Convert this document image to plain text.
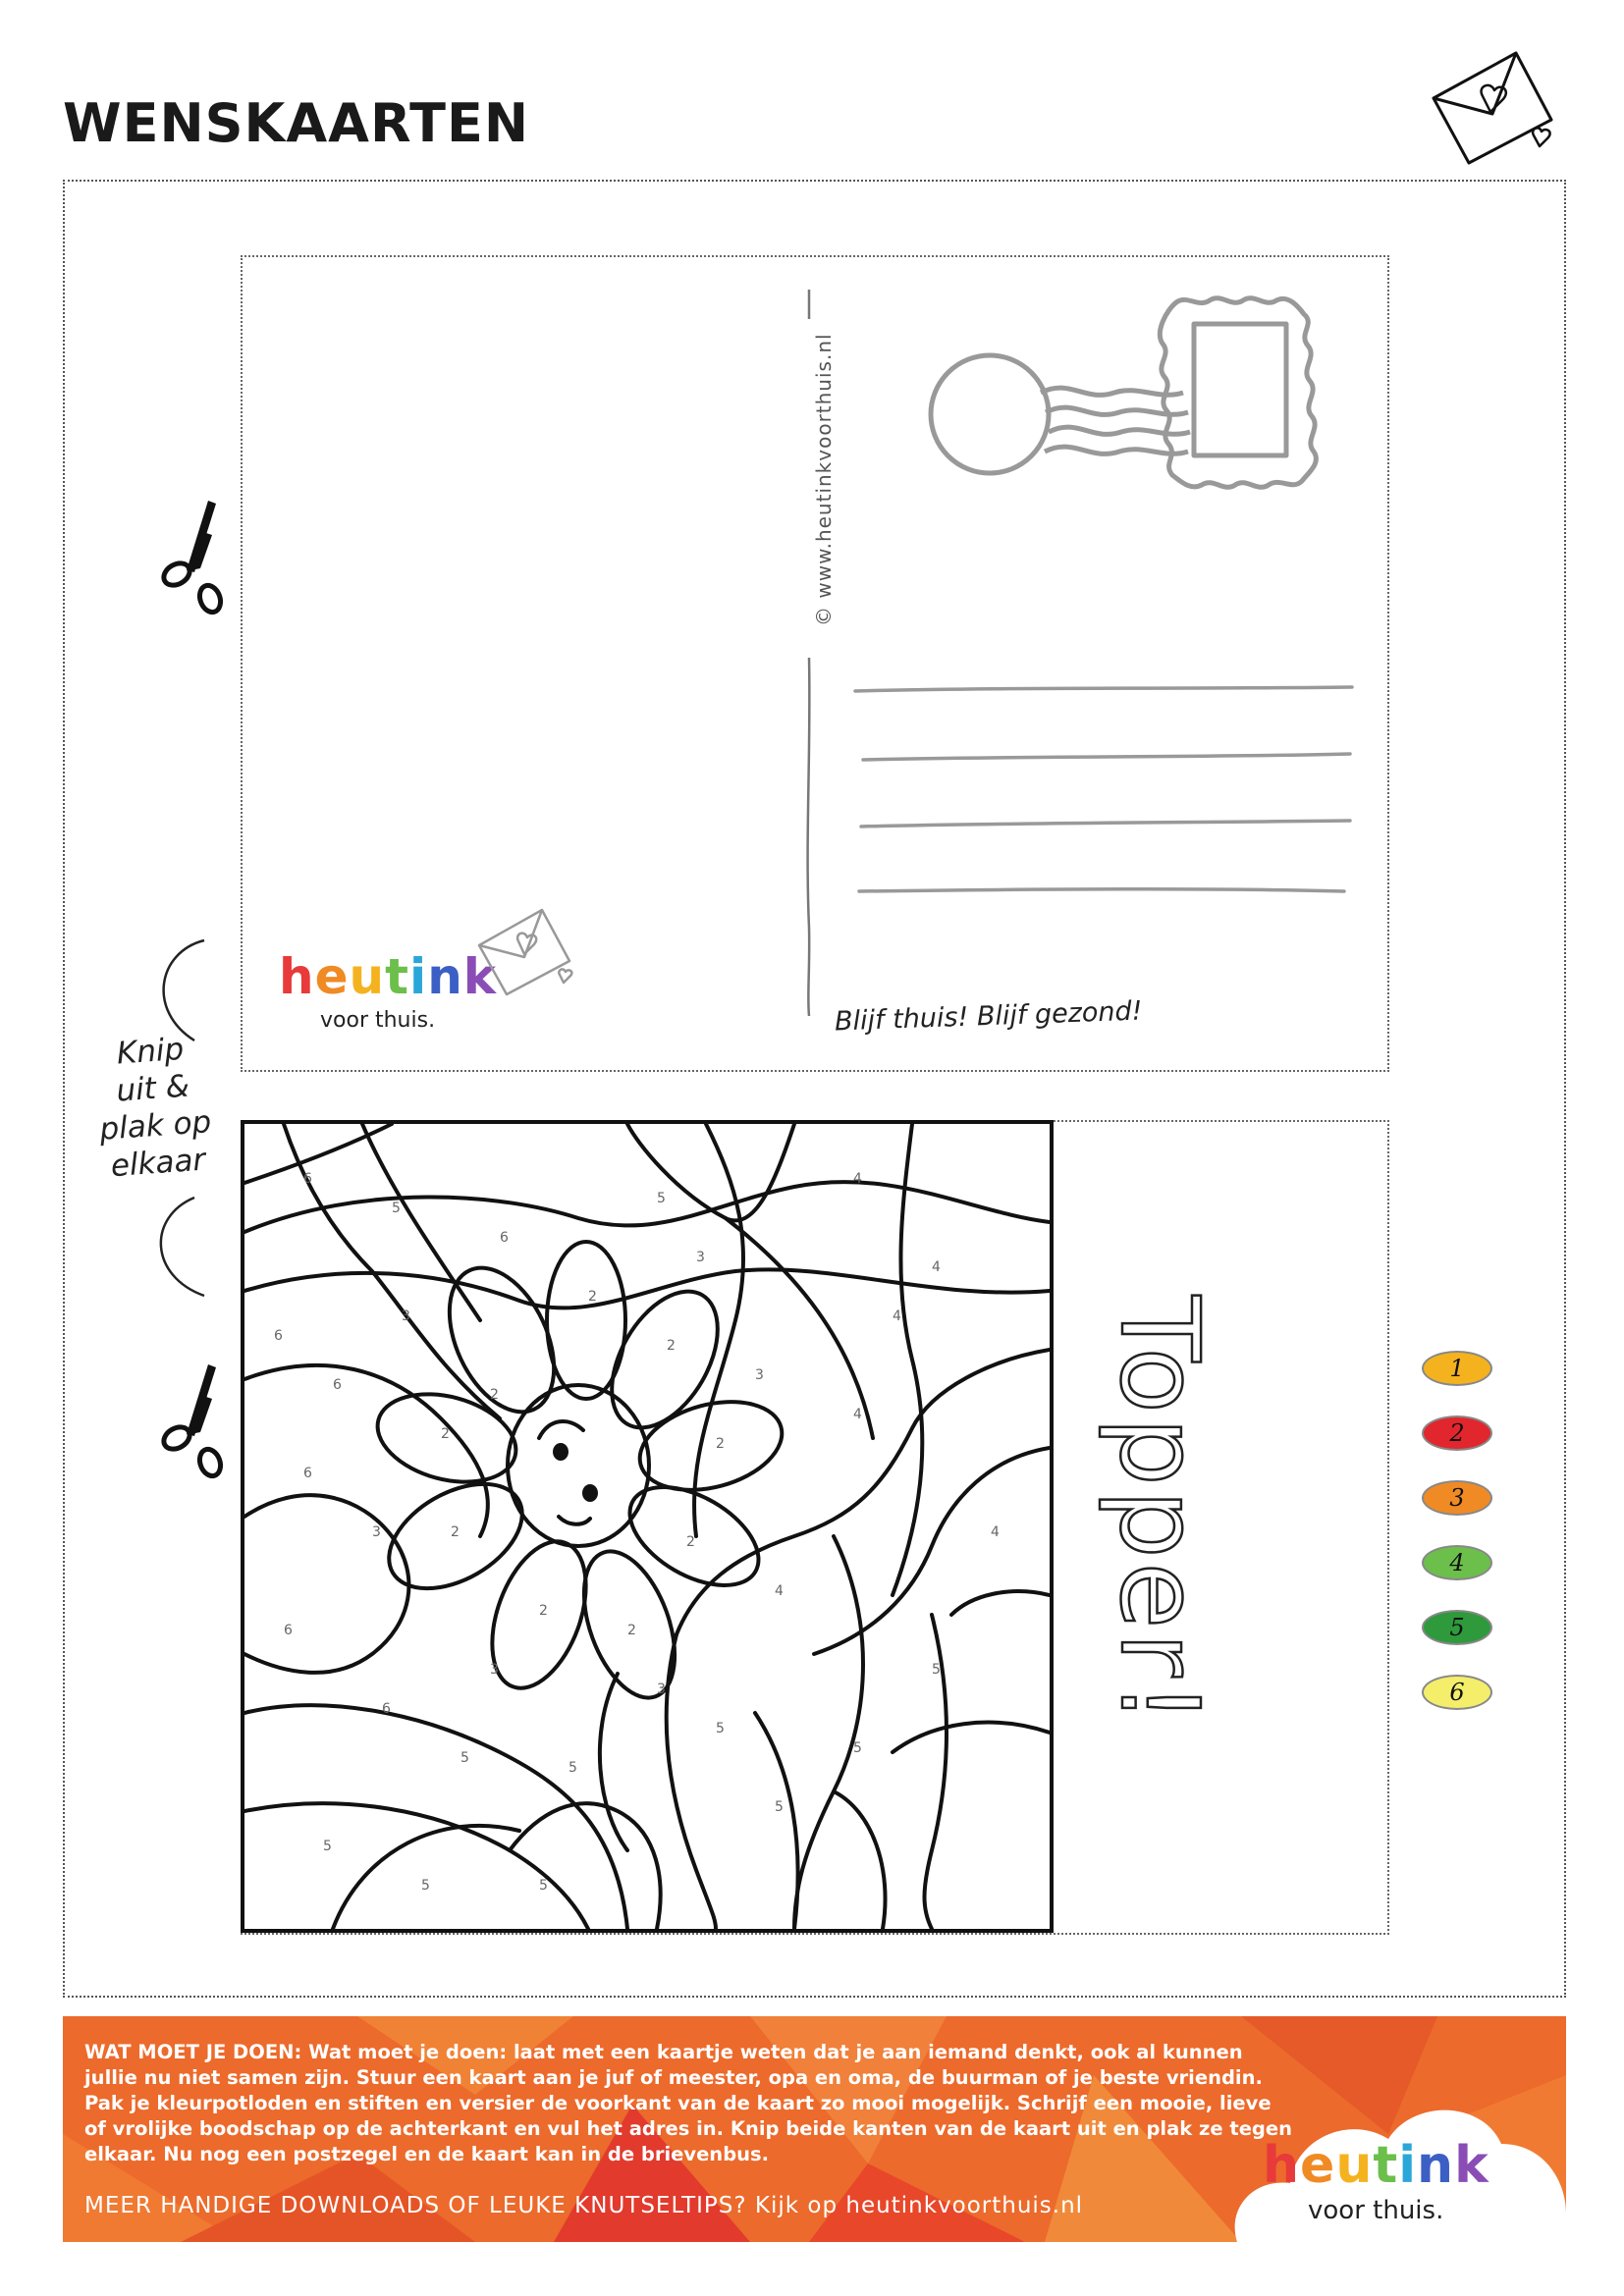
WENSKAARTEN
Knip
uit &
plak op
elkaar
© www.heutinkvoorthuis.nl
Blijf thuis! Blijf gezond!
heutink
voor thuis.
6
5
6
5
4
4
6
6
6
6
6
5
5
5
5
5
5
4
4
4
4
2
2
2
2
2
2
2
2
2
3
3
3
3
3
3
5
5	5
Topper!	1
2
3
4
5
6
WAT MOET JE DOEN: Wat moet je doen: laat met een kaartje weten dat je aan iemand denkt, ook al kunnen jullie nu niet samen zijn. Stuur een kaart aan je juf of meester, opa en oma, de buurman of je beste vriendin. Pak je kleurpotloden en stiften en versier de voorkant van de kaart zo mooi mogelijk. Schrijf een mooie, lieve of vrolijke boodschap op de achterkant en vul het adres in. Knip beide kanten van de kaart uit en plak ze tegen elkaar. Nu nog een postzegel en de kaart kan in de brievenbus.
MEER HANDIGE DOWNLOADS OF LEUKE KNUTSELTIPS? Kijk op heutinkvoorthuis.nl
heutink
voor thuis.
